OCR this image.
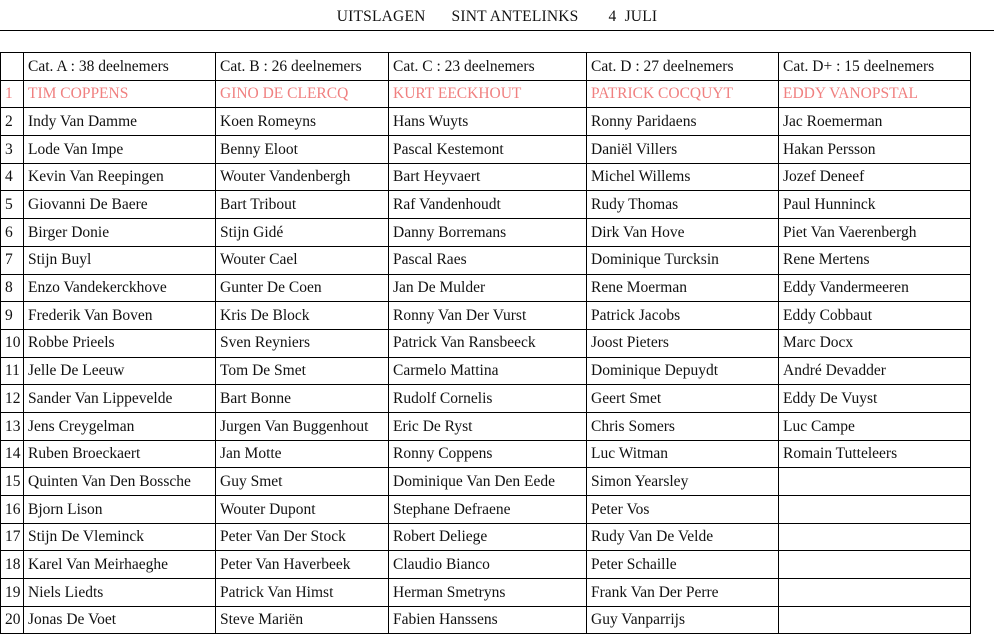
UITSLAGEN SINT ANTELINKS 4  JULI
	Cat. A : 38 deelnemers	Cat. B : 26 deelnemers	Cat. C : 23 deelnemers	Cat. D : 27 deelnemers	Cat. D+ : 15 deelnemers
1	TIM COPPENS	GINO DE CLERCQ	KURT EECKHOUT	PATRICK COCQUYT	EDDY VANOPSTAL
2	Indy Van Damme	Koen Romeyns	Hans Wuyts	Ronny Paridaens	Jac Roemerman
3	Lode Van Impe	Benny Eloot	Pascal Kestemont	Daniël Villers	Hakan Persson
4	Kevin Van Reepingen	Wouter Vandenbergh	Bart Heyvaert	Michel Willems	Jozef Deneef
5	Giovanni De Baere	Bart Tribout	Raf Vandenhoudt	Rudy Thomas	Paul Hunninck
6	Birger Donie	Stijn Gidé	Danny Borremans	Dirk Van Hove	Piet Van Vaerenbergh
7	Stijn Buyl	Wouter Cael	Pascal Raes	Dominique Turcksin	Rene Mertens
8	Enzo Vandekerckhove	Gunter De Coen	Jan De Mulder	Rene Moerman	Eddy Vandermeeren
9	Frederik Van Boven	Kris De Block	Ronny Van Der Vurst	Patrick Jacobs	Eddy Cobbaut
10	Robbe Prieels	Sven Reyniers	Patrick Van Ransbeeck	Joost Pieters	Marc Docx
11	Jelle De Leeuw	Tom De Smet	Carmelo Mattina	Dominique Depuydt	André Devadder
12	Sander Van Lippevelde	Bart Bonne	Rudolf Cornelis	Geert Smet	Eddy De Vuyst
13	Jens Creygelman	Jurgen Van Buggenhout	Eric De Ryst	Chris Somers	Luc Campe
14	Ruben Broeckaert	Jan Motte	Ronny Coppens	Luc Witman	Romain Tutteleers
15	Quinten Van Den Bossche	Guy Smet	Dominique Van Den Eede	Simon Yearsley	
16	Bjorn Lison	Wouter Dupont	Stephane Defraene	Peter Vos	
17	Stijn De Vleminck	Peter Van Der Stock	Robert Deliege	Rudy Van De Velde	
18	Karel Van Meirhaeghe	Peter Van Haverbeek	Claudio Bianco	Peter Schaille	
19	Niels Liedts	Patrick Van Himst	Herman Smetryns	Frank Van Der Perre	
20	Jonas De Voet	Steve Mariën	Fabien Hanssens	Guy Vanparrijs	
